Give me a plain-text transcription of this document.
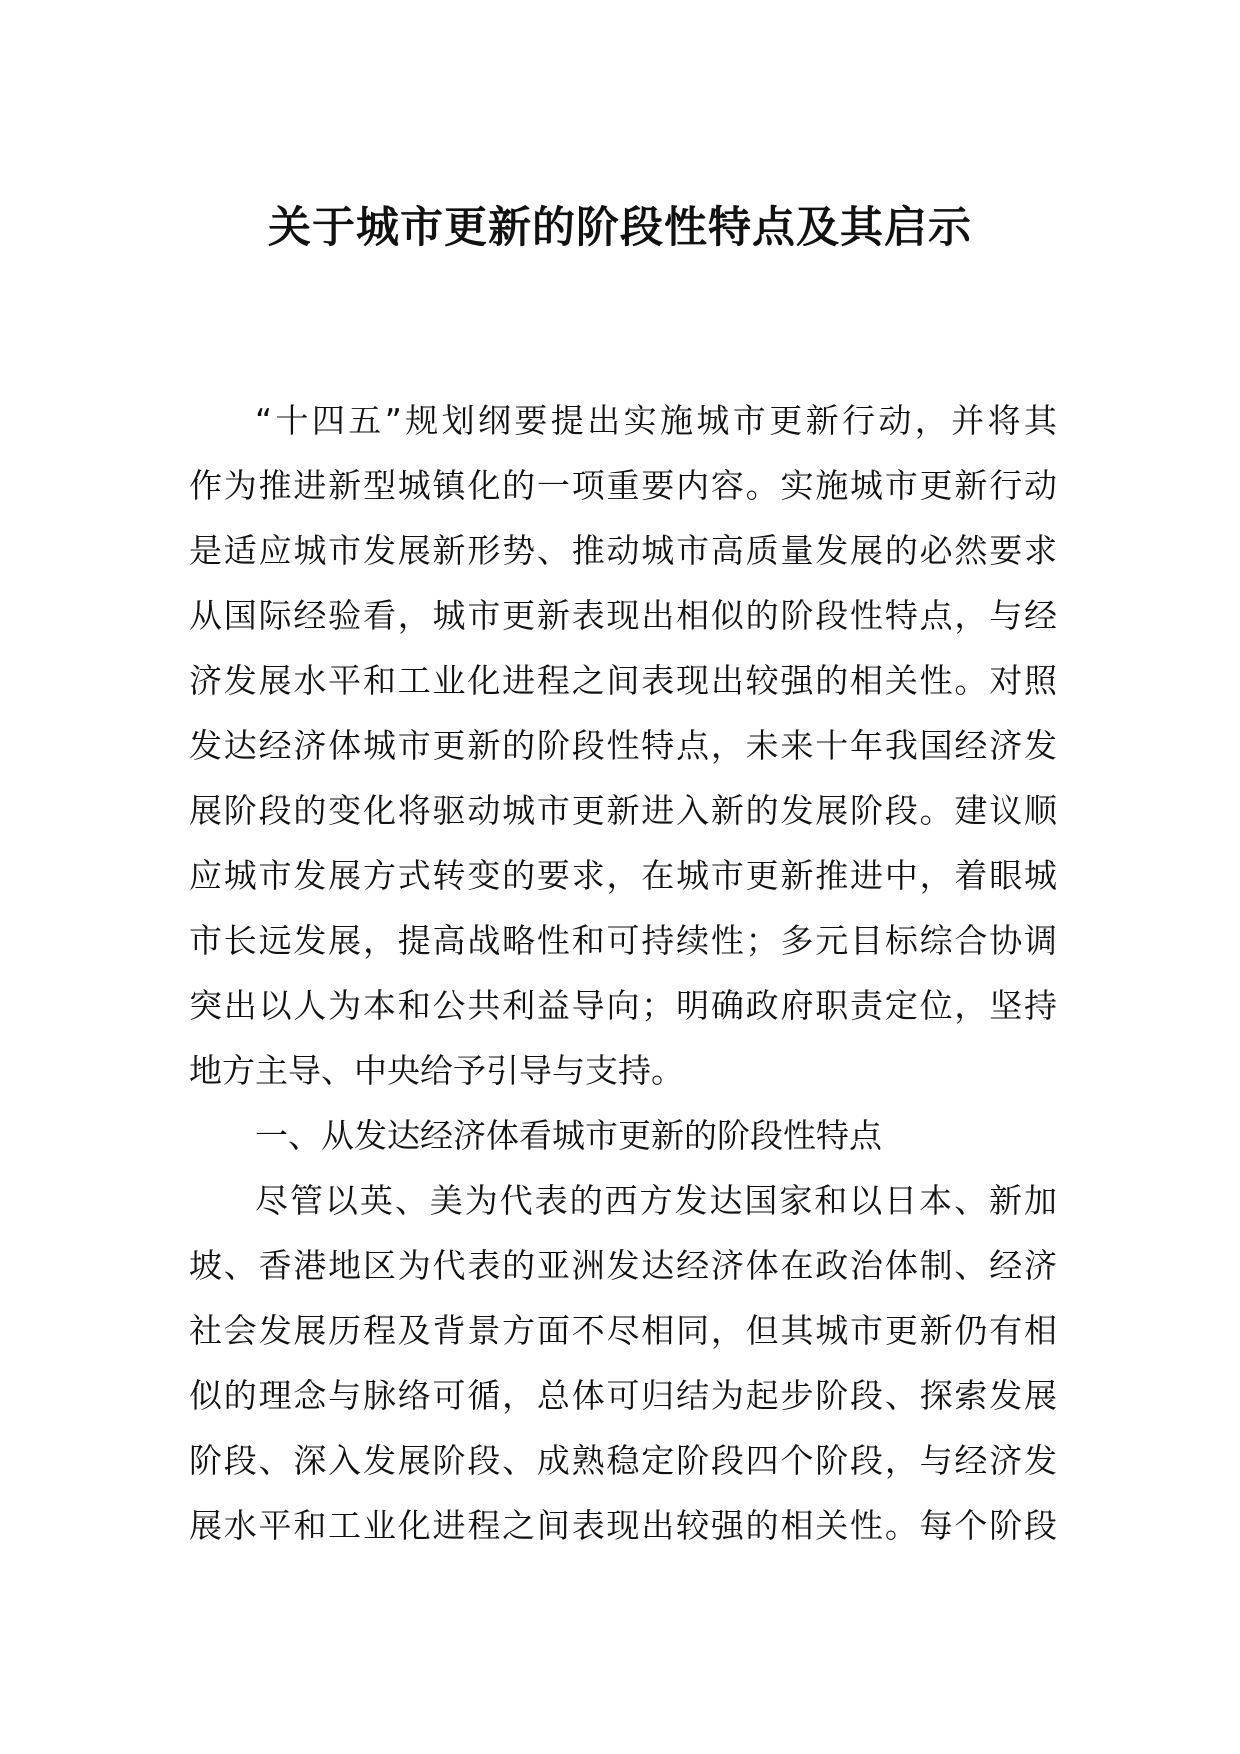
关于城市更新的阶段性特点及其启示
“十四五”规划纲要提出实施城市更新行动，并将其
作为推进新型城镇化的一项重要内容。实施城市更新行动
是适应城市发展新形势、推动城市高质量发展的必然要求
从国际经验看，城市更新表现出相似的阶段性特点，与经
济发展水平和工业化进程之间表现出较强的相关性。对照
发达经济体城市更新的阶段性特点，未来十年我国经济发
展阶段的变化将驱动城市更新进入新的发展阶段。建议顺
应城市发展方式转变的要求，在城市更新推进中，着眼城
市长远发展，提高战略性和可持续性；多元目标综合协调
突出以人为本和公共利益导向；明确政府职责定位，坚持
地方主导、中央给予引导与支持。
一、从发达经济体看城市更新的阶段性特点
尽管以英、美为代表的西方发达国家和以日本、新加
坡、香港地区为代表的亚洲发达经济体在政治体制、经济
社会发展历程及背景方面不尽相同，但其城市更新仍有相
似的理念与脉络可循，总体可归结为起步阶段、探索发展
阶段、深入发展阶段、成熟稳定阶段四个阶段，与经济发
展水平和工业化进程之间表现出较强的相关性。每个阶段
